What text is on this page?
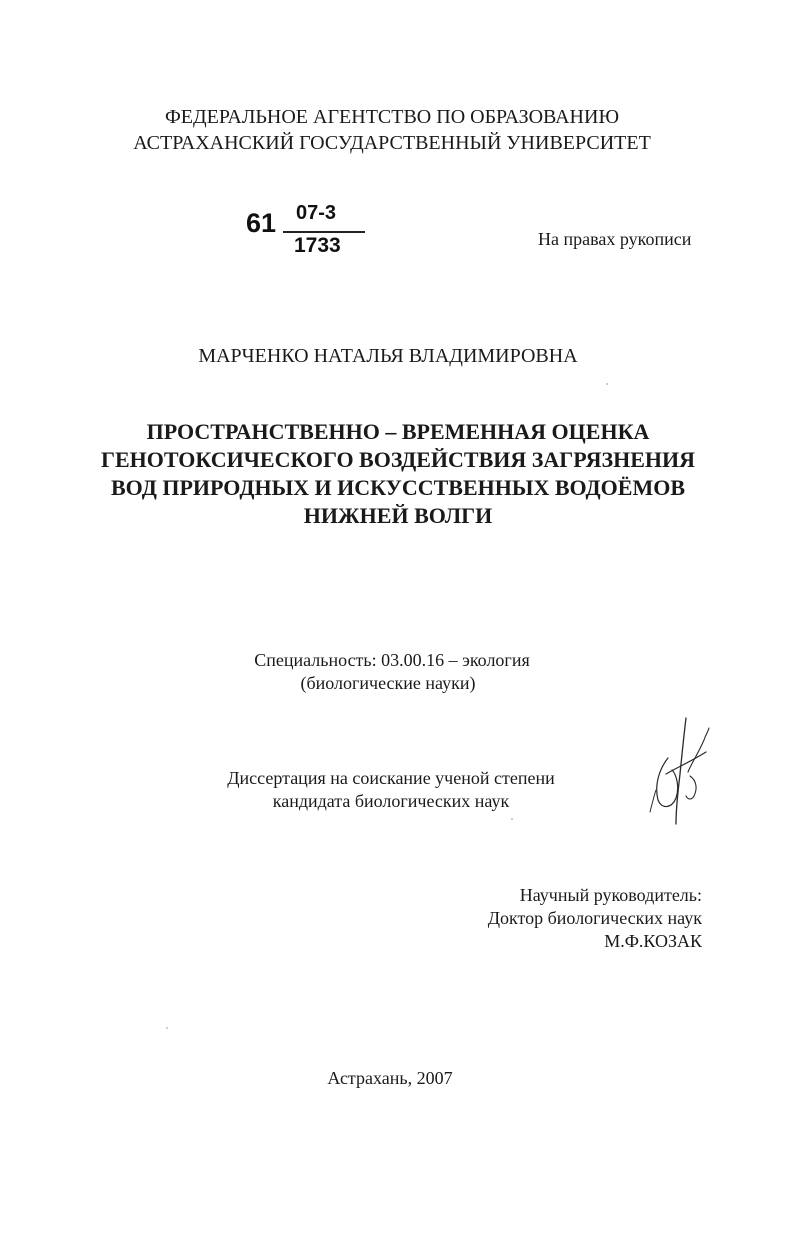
ФЕДЕРАЛЬНОЕ АГЕНТСТВО ПО ОБРАЗОВАНИЮ
АСТРАХАНСКИЙ ГОСУДАРСТВЕННЫЙ УНИВЕРСИТЕТ
61 07-3
1733	На правах рукописи
МАРЧЕНКО НАТАЛЬЯ ВЛАДИМИРОВНА
ПРОСТРАНСТВЕННО – ВРЕМЕННАЯ ОЦЕНКА
ГЕНОТОКСИЧЕСКОГО ВОЗДЕЙСТВИЯ ЗАГРЯЗНЕНИЯ
ВОД ПРИРОДНЫХ И ИСКУССТВЕННЫХ ВОДОЁМОВ
НИЖНЕЙ ВОЛГИ
Специальность: 03.00.16 – экология
(биологические науки)
Диссертация на соискание ученой степени
кандидата биологических наук
Научный руководитель:
Доктор биологических наук
М.Ф.КОЗАК
Астрахань, 2007
